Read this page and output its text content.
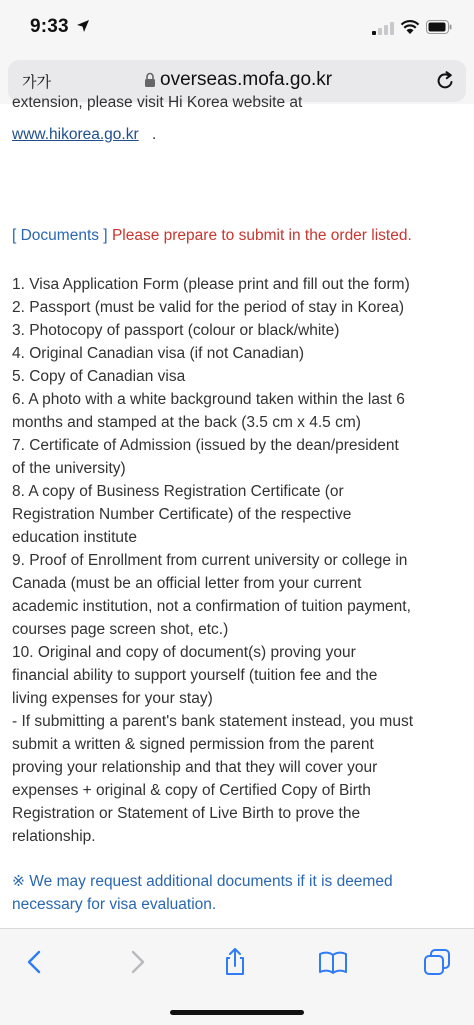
9:33
가가	overseas.mofa.go.kr
extension, please visit Hi Korea website at
www.hikorea.go.kr .
[ Documents ] Please prepare to submit in the order listed.

1. Visa Application Form (please print and fill out the form)

2. Passport (must be valid for the period of stay in Korea)

3. Photocopy of passport (colour or black/white)

4. Original Canadian visa (if not Canadian)

5. Copy of Canadian visa

6. A photo with a white background taken within the last 6

months and stamped at the back (3.5 cm x 4.5 cm)

7. Certificate of Admission (issued by the dean/president

of the university)

8. A copy of Business Registration Certificate (or

Registration Number Certificate) of the respective

education institute

9. Proof of Enrollment from current university or college in

Canada (must be an official letter from your current

academic institution, not a confirmation of tuition payment,

courses page screen shot, etc.)

10. Original and copy of document(s) proving your

financial ability to support yourself (tuition fee and the

living expenses for your stay)

- If submitting a parent's bank statement instead, you must

submit a written & signed permission from the parent

proving your relationship and that they will cover your

expenses + original & copy of Certified Copy of Birth

Registration or Statement of Live Birth to prove the

relationship.

※ We may request additional documents if it is deemed

necessary for visa evaluation.
